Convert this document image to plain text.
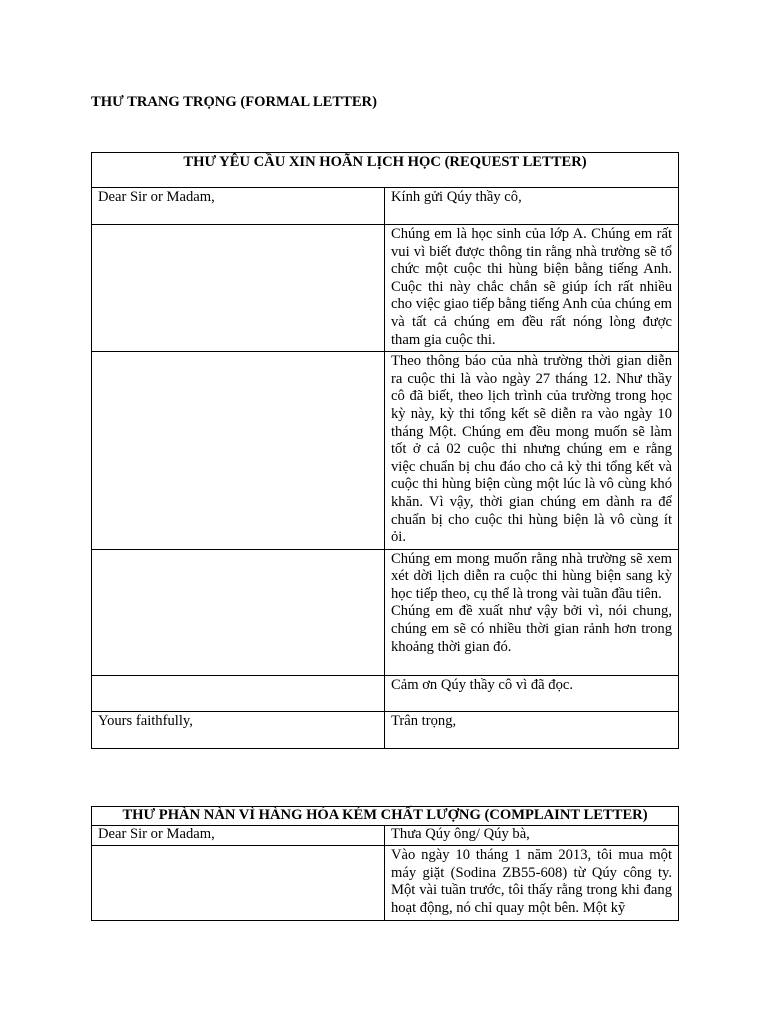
THƯ TRANG TRỌNG (FORMAL LETTER)
THƯ YÊU CẦU XIN HOÃN LỊCH HỌC (REQUEST LETTER)	
Dear Sir or Madam,	Kính gửi Qúy thầy cô,
	Chúng em là học sinh của lớp A. Chúng em rất vui vì biết được thông tin rằng nhà trường sẽ tổ chức một cuộc thi hùng biện bằng tiếng Anh. Cuộc thi này chắc chắn sẽ giúp ích rất nhiều cho việc giao tiếp bằng tiếng Anh của chúng em và tất cả chúng em đều rất nóng lòng được tham gia cuộc thi.
	Theo thông báo của nhà trường thời gian diễn ra cuộc thi là vào ngày 27 tháng 12. Như thầy cô đã biết, theo lịch trình của trường trong học kỳ này, kỳ thi tổng kết sẽ diễn ra vào ngày 10 tháng Một. Chúng em đều mong muốn sẽ làm tốt ở cả 02 cuộc thi nhưng chúng em e rằng việc chuẩn bị chu đáo cho cả kỳ thi tổng kết và cuộc thi hùng biện cùng một lúc là vô cùng khó khăn. Vì vậy, thời gian chúng em dành ra để chuẩn bị cho cuộc thi hùng biện là vô cùng ít ỏi.

	Chúng em mong muốn rằng nhà trường sẽ xem xét dời lịch diễn ra cuộc thi hùng biện sang kỳ học tiếp theo, cụ thể là trong vài tuần đầu tiên.
Chúng em đề xuất như vậy bởi vì, nói chung, chúng em sẽ có nhiều thời gian rảnh hơn trong khoảng thời gian đó.

	Cảm ơn Qúy thầy cô vì đã đọc.
Yours faithfully,	Trân trọng,
THƯ PHÀN NÀN VÌ HÀNG HÓA KÉM CHẤT LƯỢNG (COMPLAINT LETTER)	
Dear Sir or Madam,	Thưa Qúy ông/ Qúy bà,
	Vào ngày 10 tháng 1 năm 2013, tôi mua một máy giặt (Sodina ZB55-608) từ Qúy công ty. Một vài tuần trước, tôi thấy rằng trong khi đang hoạt động, nó chỉ quay một bên. Một kỹ
